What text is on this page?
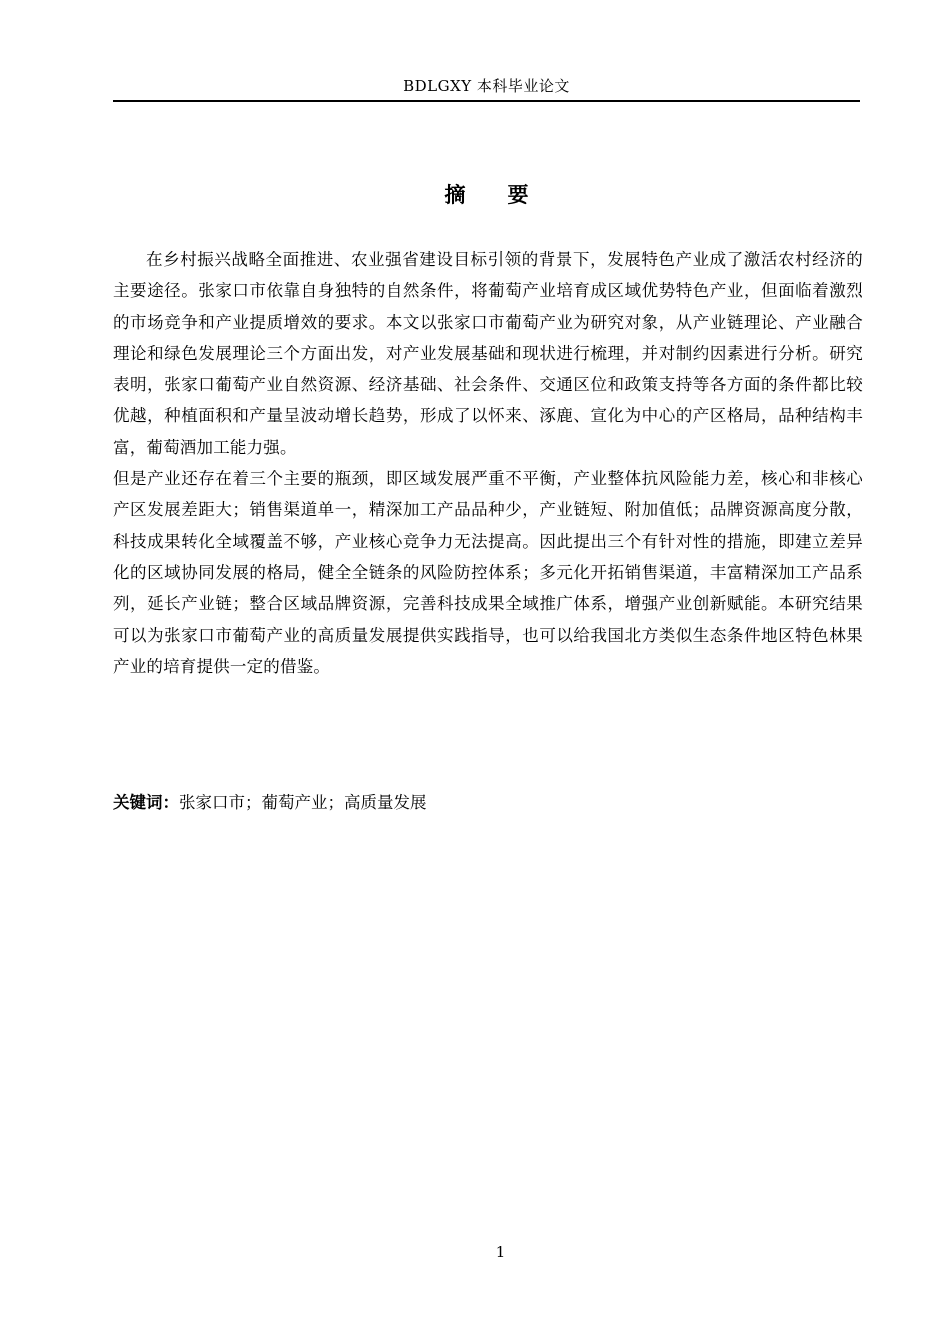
BDLGXY 本科毕业论文
摘 要

在乡村振兴战略全面推进、农业强省建设目标引领的背景下，发展特色产业成了激活农村经济的主要途径。张家口市依靠自身独特的自然条件，将葡萄产业培育成区域优势特色产业，但面临着激烈的市场竞争和产业提质增效的要求。本文以张家口市葡萄产业为研究对象，从产业链理论、产业融合理论和绿色发展理论三个方面出发，对产业发展基础和现状进行梳理，并对制约因素进行分析。研究表明，张家口葡萄产业自然资源、经济基础、社会条件、交通区位和政策支持等各方面的条件都比较优越，种植面积和产量呈波动增长趋势，形成了以怀来、涿鹿、宣化为中心的产区格局，品种结构丰富，葡萄酒加工能力强。

但是产业还存在着三个主要的瓶颈，即区域发展严重不平衡，产业整体抗风险能力差，核心和非核心产区发展差距大；销售渠道单一，精深加工产品品种少，产业链短、附加值低；品牌资源高度分散，科技成果转化全域覆盖不够，产业核心竞争力无法提高。因此提出三个有针对性的措施，即建立差异化的区域协同发展的格局，健全全链条的风险防控体系；多元化开拓销售渠道，丰富精深加工产品系列，延长产业链；整合区域品牌资源，完善科技成果全域推广体系，增强产业创新赋能。本研究结果可以为张家口市葡萄产业的高质量发展提供实践指导，也可以给我国北方类似生态条件地区特色林果产业的培育提供一定的借鉴。

关键词：张家口市；葡萄产业；高质量发展
1
